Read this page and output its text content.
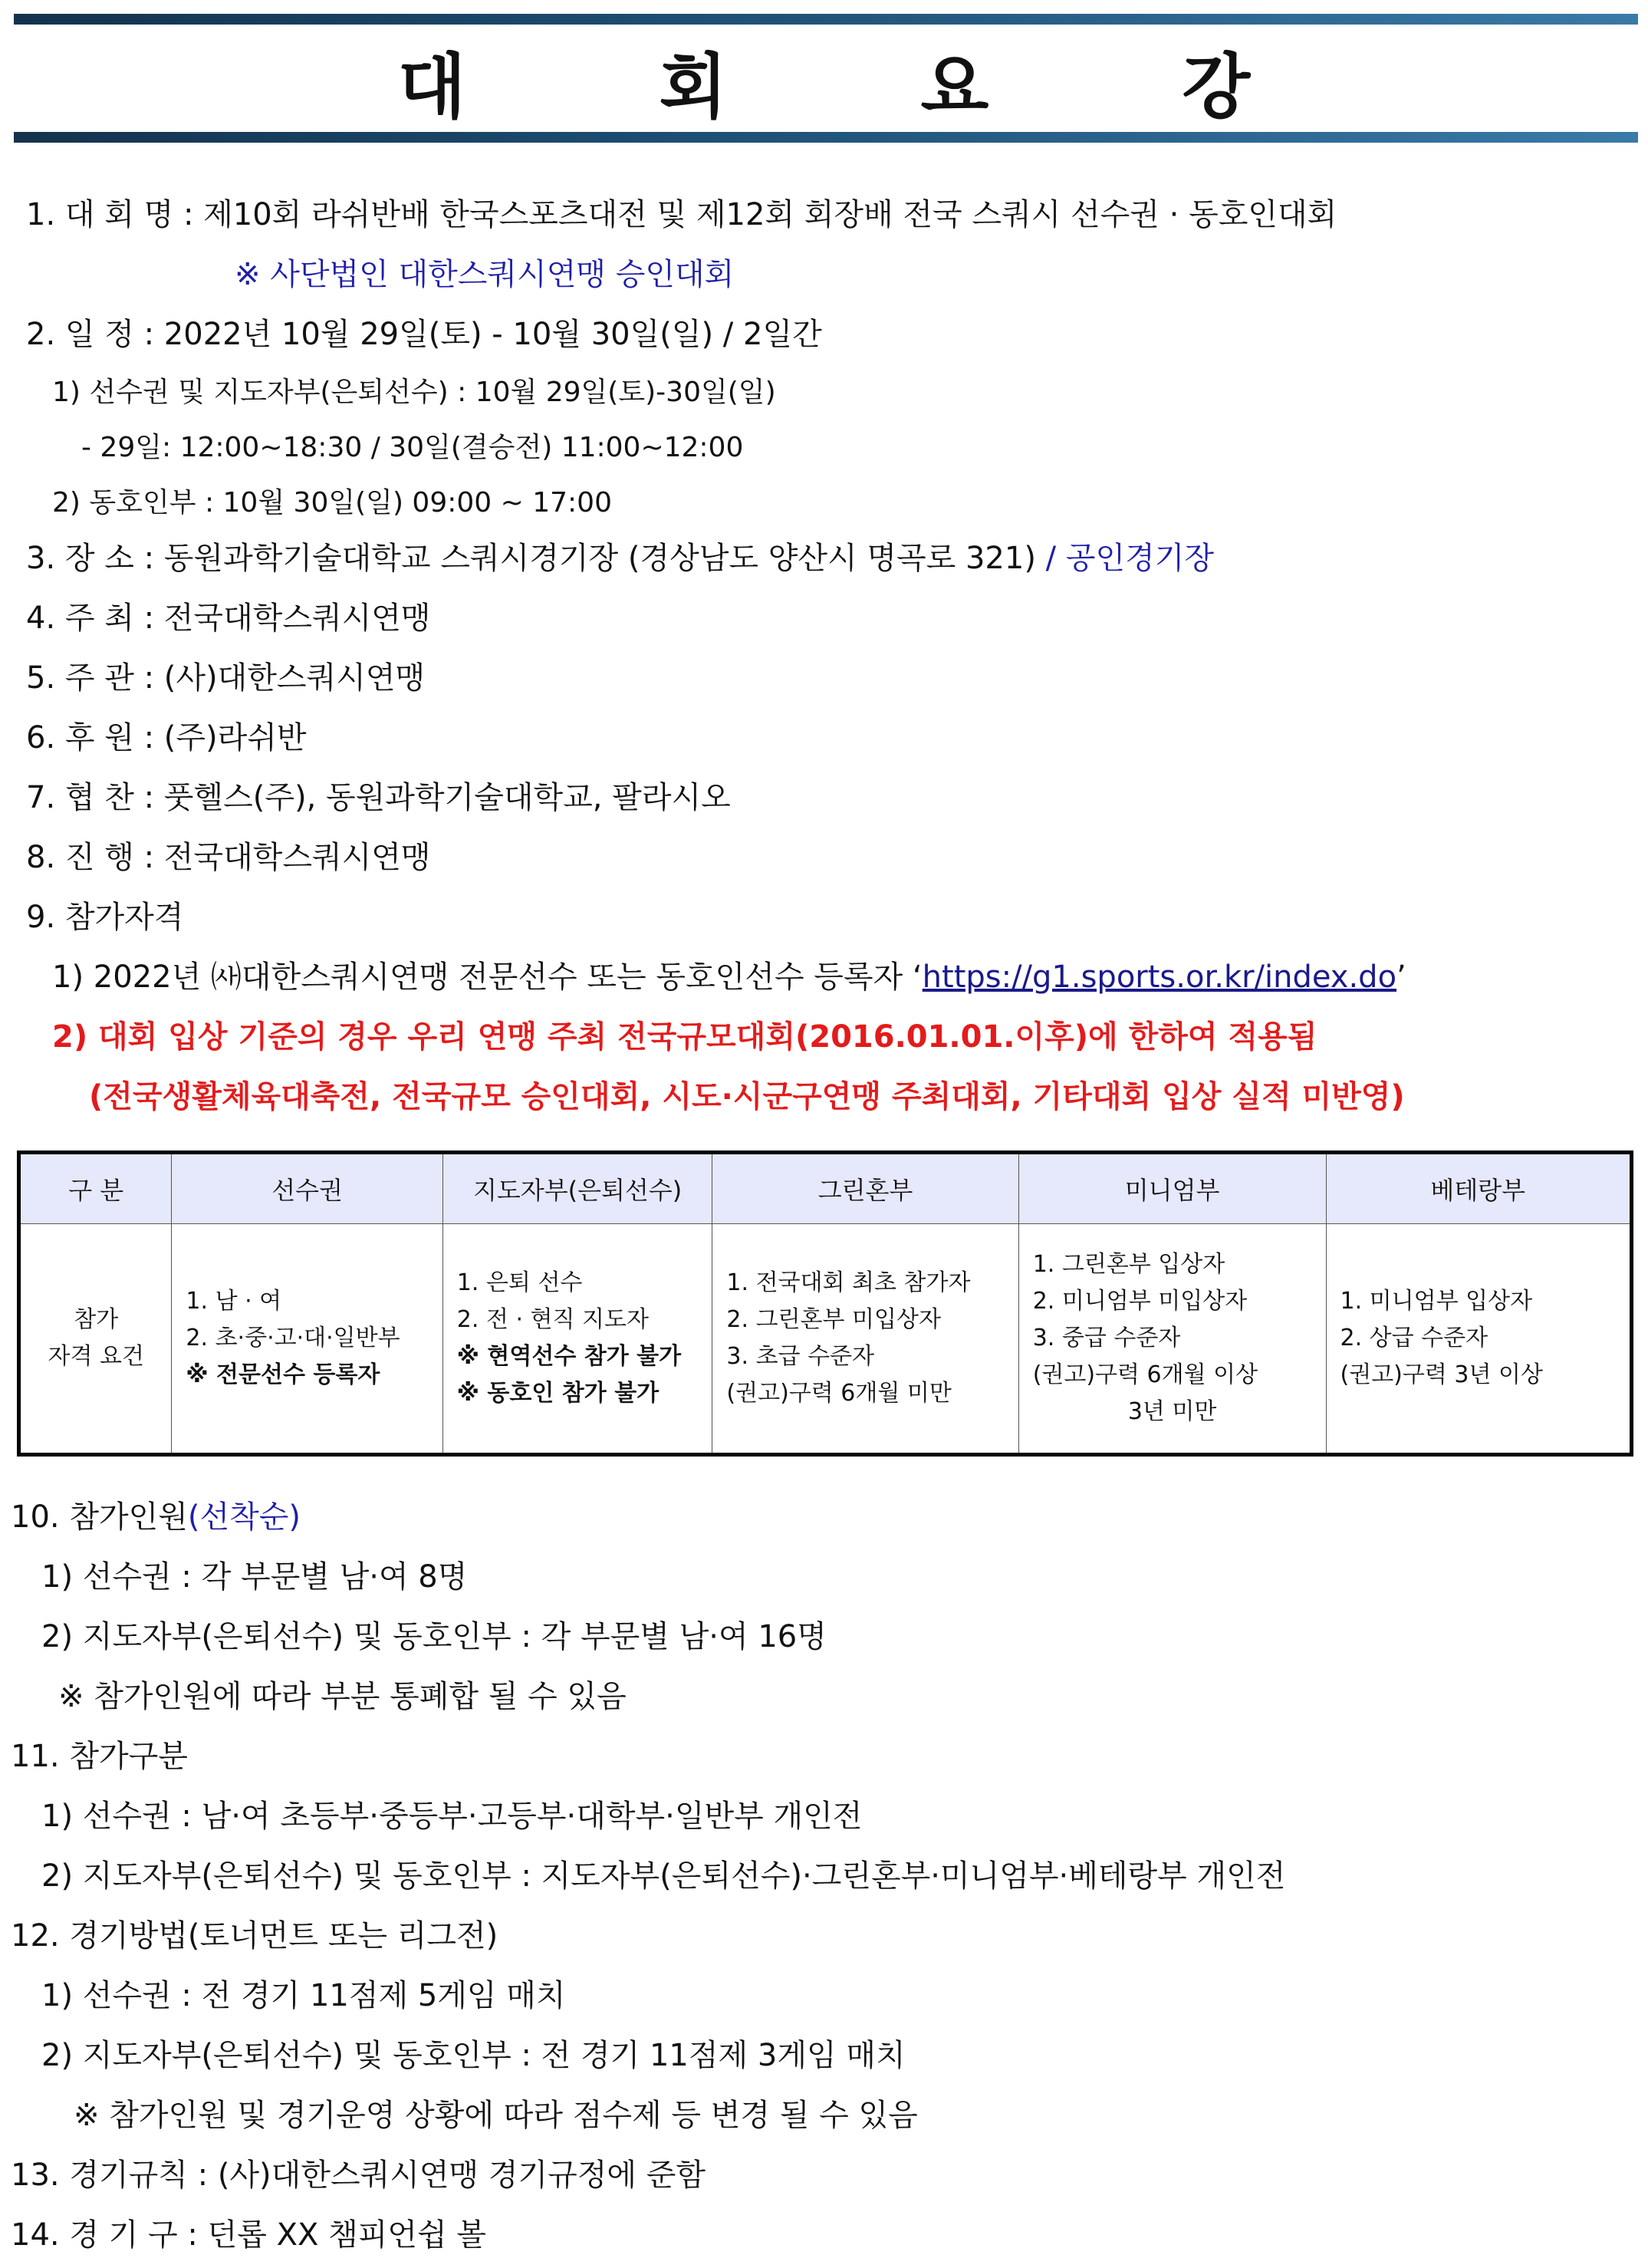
대 회 요 강
1. 대 회 명 : 제10회 라쉬반배 한국스포츠대전 및 제12회 회장배 전국 스쿼시 선수권 · 동호인대회
※ 사단법인 대한스쿼시연맹 승인대회
2. 일 정 : 2022년 10월 29일(토) - 10월 30일(일) / 2일간
1) 선수권 및 지도자부(은퇴선수) : 10월 29일(토)-30일(일)
- 29일: 12:00~18:30 / 30일(결승전) 11:00~12:00
2) 동호인부 : 10월 30일(일) 09:00 ~ 17:00
3. 장 소 : 동원과학기술대학교 스쿼시경기장 (경상남도 양산시 명곡로 321) / 공인경기장
4. 주 최 : 전국대학스쿼시연맹
5. 주 관 : (사)대한스쿼시연맹
6. 후 원 : (주)라쉬반
7. 협 찬 : 풋헬스(주), 동원과학기술대학교, 팔라시오
8. 진 행 : 전국대학스쿼시연맹
9. 참가자격
1) 2022년 ㈔대한스쿼시연맹 전문선수 또는 동호인선수 등록자 ‘https://g1.sports.or.kr/index.do’
2) 대회 입상 기준의 경우 우리 연맹 주최 전국규모대회(2016.01.01.이후)에 한하여 적용됨
(전국생활체육대축전, 전국규모 승인대회, 시도·시군구연맹 주최대회, 기타대회 입상 실적 미반영)
구 분	선수권	지도자부(은퇴선수)	그린혼부	미니엄부	베테랑부

참가
자격 요건	1. 남 · 여
2. 초·중·고·대·일반부
※ 전문선수 등록자	1. 은퇴 선수
2. 전 · 현직 지도자
※ 현역선수 참가 불가
※ 동호인 참가 불가	1. 전국대회 최초 참가자
2. 그린혼부 미입상자
3. 초급 수준자
(권고)구력 6개월 미만	1. 그린혼부 입상자
2. 미니엄부 미입상자
3. 중급 수준자
(권고)구력 6개월 이상
3년 미만	1. 미니엄부 입상자
2. 상급 수준자
(권고)구력 3년 이상
10. 참가인원(선착순)
1) 선수권 : 각 부문별 남·여 8명
2) 지도자부(은퇴선수) 및 동호인부 : 각 부문별 남·여 16명
※ 참가인원에 따라 부분 통폐합 될 수 있음
11. 참가구분
1) 선수권 : 남·여 초등부·중등부·고등부·대학부·일반부 개인전
2) 지도자부(은퇴선수) 및 동호인부 : 지도자부(은퇴선수)·그린혼부·미니엄부·베테랑부 개인전
12. 경기방법(토너먼트 또는 리그전)
1) 선수권 : 전 경기 11점제 5게임 매치
2) 지도자부(은퇴선수) 및 동호인부 : 전 경기 11점제 3게임 매치
※ 참가인원 및 경기운영 상황에 따라 점수제 등 변경 될 수 있음
13. 경기규칙 : (사)대한스쿼시연맹 경기규정에 준함
14. 경 기 구 : 던롭 XX 챔피언쉽 볼
